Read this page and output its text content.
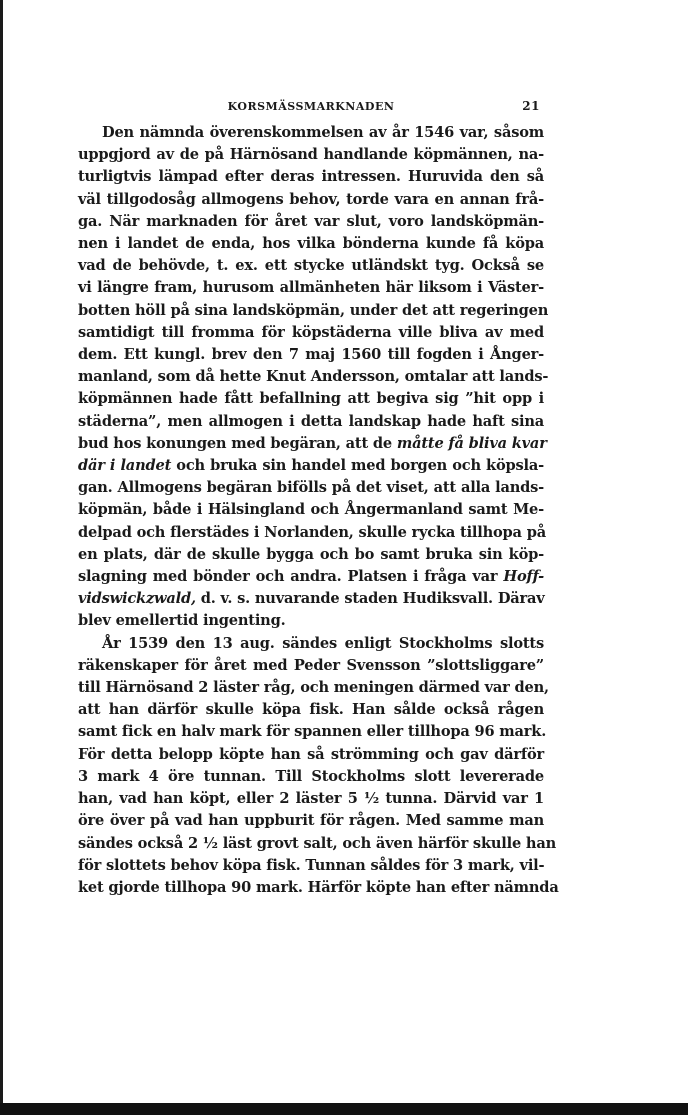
KORSMÄSSMARKNADEN	21
Den nämnda överenskommelsen av år 1546 var, såsom
uppgjord av de på Härnösand handlande köpmännen, na-
turligtvis lämpad efter deras intressen. Huruvida den så
väl tillgodosåg allmogens behov, torde vara en annan frå-
ga. När marknaden för året var slut, voro landsköpmän-
nen i landet de enda, hos vilka bönderna kunde få köpa
vad de behövde, t. ex. ett stycke utländskt tyg. Också se
vi längre fram, hurusom allmänheten här liksom i Väster-
botten höll på sina landsköpmän, under det att regeringen
samtidigt till fromma för köpstäderna ville bliva av med
dem. Ett kungl. brev den 7 maj 1560 till fogden i Ånger-
manland, som då hette Knut Andersson, omtalar att lands-
köpmännen hade fått befallning att begiva sig ”hit opp i
städerna”, men allmogen i detta landskap hade haft sina
bud hos konungen med begäran, att de måtte få bliva kvar
där i landet och bruka sin handel med borgen och köpsla-
gan. Allmogens begäran bifölls på det viset, att alla lands-
köpmän, både i Hälsingland och Ångermanland samt Me-
delpad och flerstädes i Norlanden, skulle rycka tillhopa på
en plats, där de skulle bygga och bo samt bruka sin köp-
slagning med bönder och andra. Platsen i fråga var Hoff-
vidswickzwald, d. v. s. nuvarande staden Hudiksvall. Därav
blev emellertid ingenting.
År 1539 den 13 aug. sändes enligt Stockholms slotts
räkenskaper för året med Peder Svensson ”slottsliggare”
till Härnösand 2 läster råg, och meningen därmed var den,
att han därför skulle köpa fisk. Han sålde också rågen
samt fick en halv mark för spannen eller tillhopa 96 mark.
För detta belopp köpte han så strömming och gav därför
3 mark 4 öre tunnan. Till Stockholms slott levererade
han, vad han köpt, eller 2 läster 5 ½ tunna. Därvid var 1
öre över på vad han uppburit för rågen. Med samme man
sändes också 2 ½ läst grovt salt, och även härför skulle han
för slottets behov köpa fisk. Tunnan såldes för 3 mark, vil-
ket gjorde tillhopa 90 mark. Härför köpte han efter nämnda
